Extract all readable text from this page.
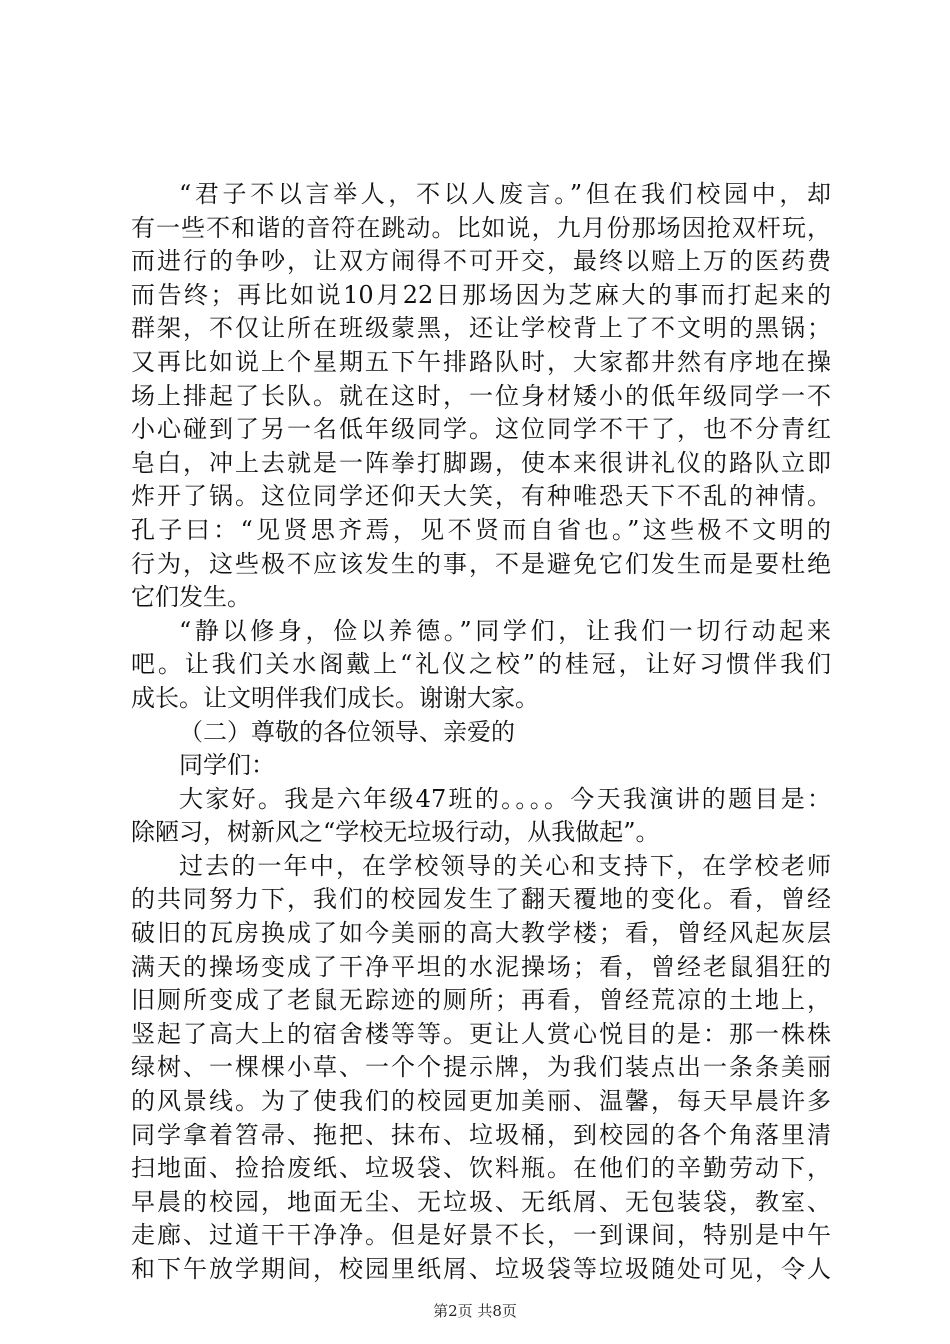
“君子不以言举人，不以人废言。”但在我们校园中，却
有一些不和谐的音符在跳动。比如说，九月份那场因抢双杆玩，
而进行的争吵，让双方闹得不可开交，最终以赔上万的医药费
而告终；再比如说10月22日那场因为芝麻大的事而打起来的
群架，不仅让所在班级蒙黑，还让学校背上了不文明的黑锅；
又再比如说上个星期五下午排路队时，大家都井然有序地在操
场上排起了长队。就在这时，一位身材矮小的低年级同学一不
小心碰到了另一名低年级同学。这位同学不干了，也不分青红
皂白，冲上去就是一阵拳打脚踢，使本来很讲礼仪的路队立即
炸开了锅。这位同学还仰天大笑，有种唯恐天下不乱的神情。
孔子曰：“见贤思齐焉，见不贤而自省也。”这些极不文明的
行为，这些极不应该发生的事，不是避免它们发生而是要杜绝
它们发生。
“静以修身，俭以养德。”同学们，让我们一切行动起来
吧。让我们关水阁戴上“礼仪之校”的桂冠，让好习惯伴我们
成长。让文明伴我们成长。谢谢大家。
（二）尊敬的各位领导、亲爱的
同学们：
大家好。我是六年级47班的。。。。今天我演讲的题目是：
除陋习，树新风之“学校无垃圾行动，从我做起”。
过去的一年中，在学校领导的关心和支持下，在学校老师
的共同努力下，我们的校园发生了翻天覆地的变化。看，曾经
破旧的瓦房换成了如今美丽的高大教学楼；看，曾经风起灰层
满天的操场变成了干净平坦的水泥操场；看，曾经老鼠猖狂的
旧厕所变成了老鼠无踪迹的厕所；再看，曾经荒凉的土地上，
竖起了高大上的宿舍楼等等。更让人赏心悦目的是：那一株株
绿树、一棵棵小草、一个个提示牌，为我们装点出一条条美丽
的风景线。为了使我们的校园更加美丽、温馨，每天早晨许多
同学拿着笤帚、拖把、抹布、垃圾桶，到校园的各个角落里清
扫地面、捡拾废纸、垃圾袋、饮料瓶。在他们的辛勤劳动下，
早晨的校园，地面无尘、无垃圾、无纸屑、无包装袋，教室、
走廊、过道干干净净。但是好景不长，一到课间，特别是中午
和下午放学期间，校园里纸屑、垃圾袋等垃圾随处可见，令人
第2页 共8页
